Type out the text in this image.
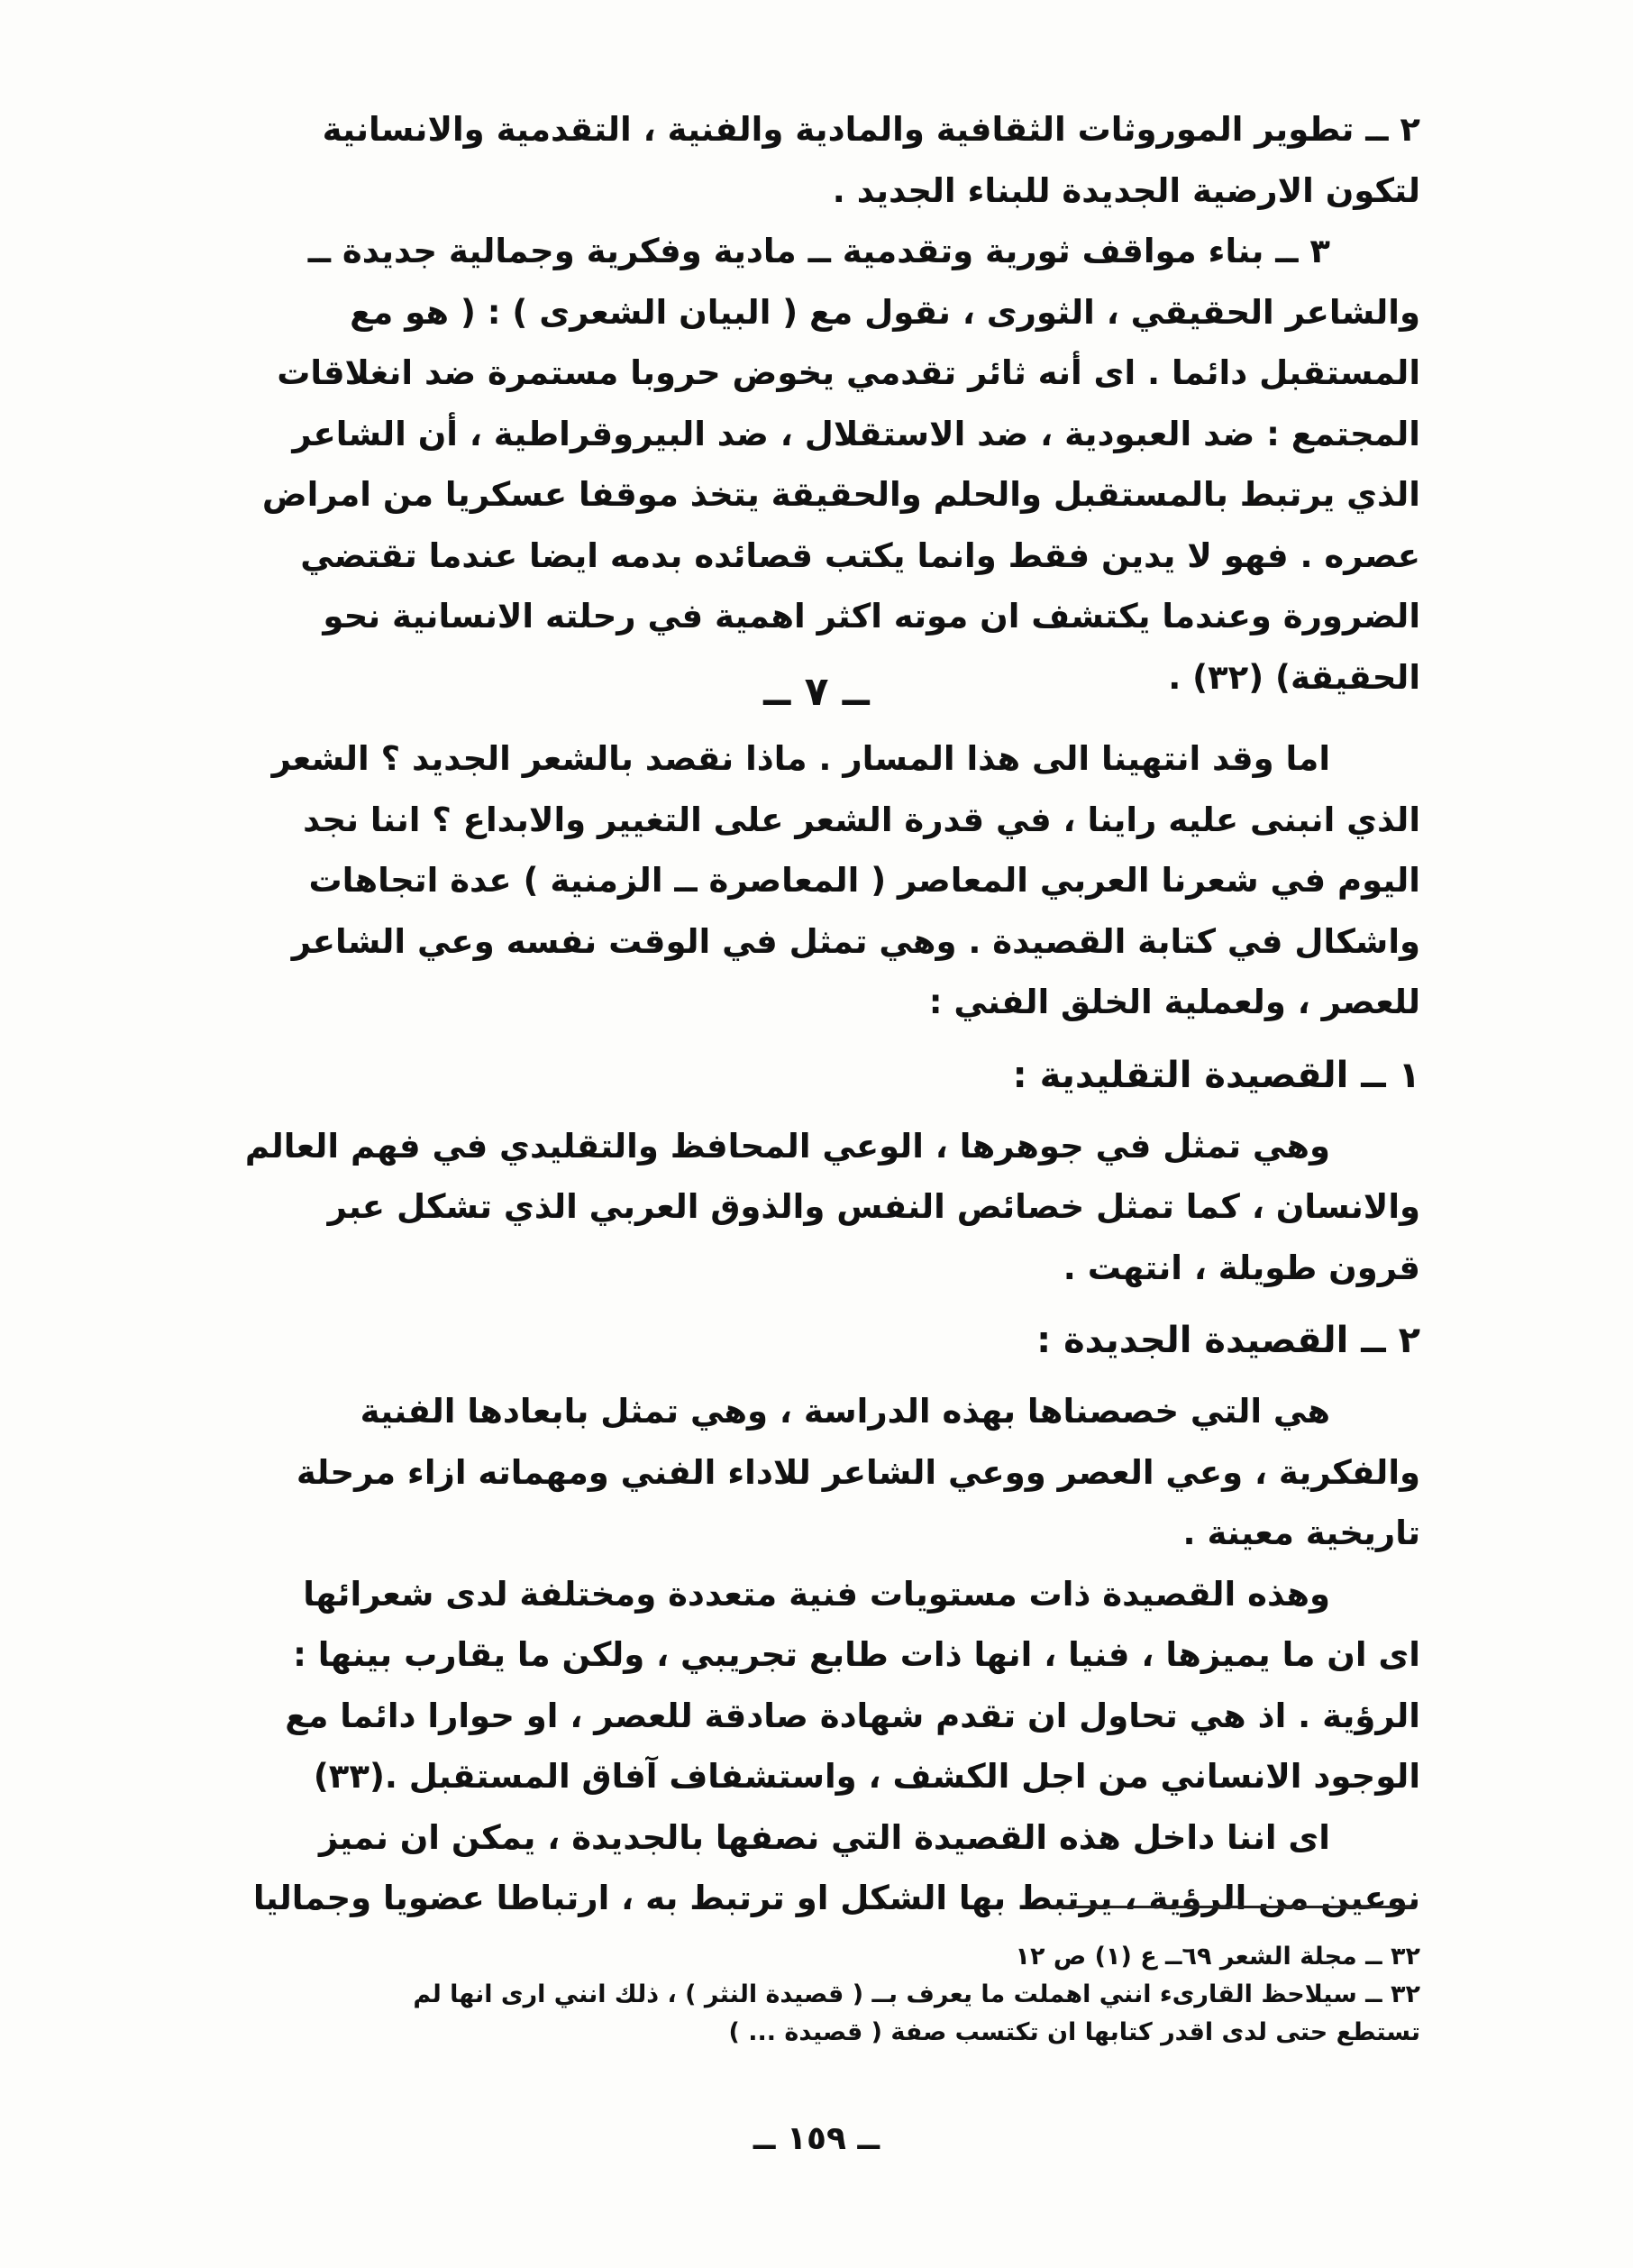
٢ ــ تطوير الموروثات الثقافية والمادية والفنية ، التقدمية والانسانية
لتكون الارضية الجديدة للبناء الجديد .
٣ ــ بناء مواقف ثورية وتقدمية ــ مادية وفكرية وجمالية جديدة ــ
والشاعر الحقيقي ، الثورى ، نقول مع ( البيان الشعرى ) : ( هو مع
المستقبل دائما . اى أنه ثائر تقدمي يخوض حروبا مستمرة ضد انغلاقات
المجتمع : ضد العبودية ، ضد الاستقلال ، ضد البيروقراطية ، أن الشاعر
الذي يرتبط بالمستقبل والحلم والحقيقة يتخذ موقفا عسكريا من امراض
عصره . فهو لا يدين فقط وانما يكتب قصائده بدمه ايضا عندما تقتضي
الضرورة وعندما يكتشف ان موته اكثر اهمية في رحلته الانسانية نحو
الحقيقة) (٣٢) .
ــ ٧ ــ
اما وقد انتهينا الى هذا المسار . ماذا نقصد بالشعر الجديد ؟ الشعر
الذي انبنى عليه راينا ، في قدرة الشعر على التغيير والابداع ؟ اننا نجد
اليوم في شعرنا العربي المعاصر ( المعاصرة ــ الزمنية ) عدة اتجاهات
واشكال في كتابة القصيدة . وهي تمثل في الوقت نفسه وعي الشاعر
للعصر ، ولعملية الخلق الفني :
١ ــ القصيدة التقليدية :
وهي تمثل في جوهرها ، الوعي المحافظ والتقليدي في فهم العالم
والانسان ، كما تمثل خصائص النفس والذوق العربي الذي تشكل عبر
قرون طويلة ، انتهت .
٢ ــ القصيدة الجديدة :
هي التي خصصناها بهذه الدراسة ، وهي تمثل بابعادها الفنية
والفكرية ، وعي العصر ووعي الشاعر للاداء الفني ومهماته ازاء مرحلة
تاريخية معينة .
وهذه القصيدة ذات مستويات فنية متعددة ومختلفة لدى شعرائها
اى ان ما يميزها ، فنيا ، انها ذات طابع تجريبي ، ولكن ما يقارب بينها :
الرؤية . اذ هي تحاول ان تقدم شهادة صادقة للعصر ، او حوارا دائما مع
الوجود الانساني من اجل الكشف ، واستشفاف آفاق المستقبل .(٣٣)
اى اننا داخل هذه القصيدة التي نصفها بالجديدة ، يمكن ان نميز
نوعين من الرؤية ، يرتبط بها الشكل او ترتبط به ، ارتباطا عضويا وجماليا
٣٢ ــ مجلة الشعر ٦٩ــ ع (١) ص ١٢
٣٢ ــ سيلاحظ القارىء انني اهملت ما يعرف بــ ( قصيدة النثر ) ، ذلك انني ارى انها لم
تستطع حتى لدى اقدر كتابها ان تكتسب صفة ( قصيدة ... )
ــ ١٥٩ ــ
